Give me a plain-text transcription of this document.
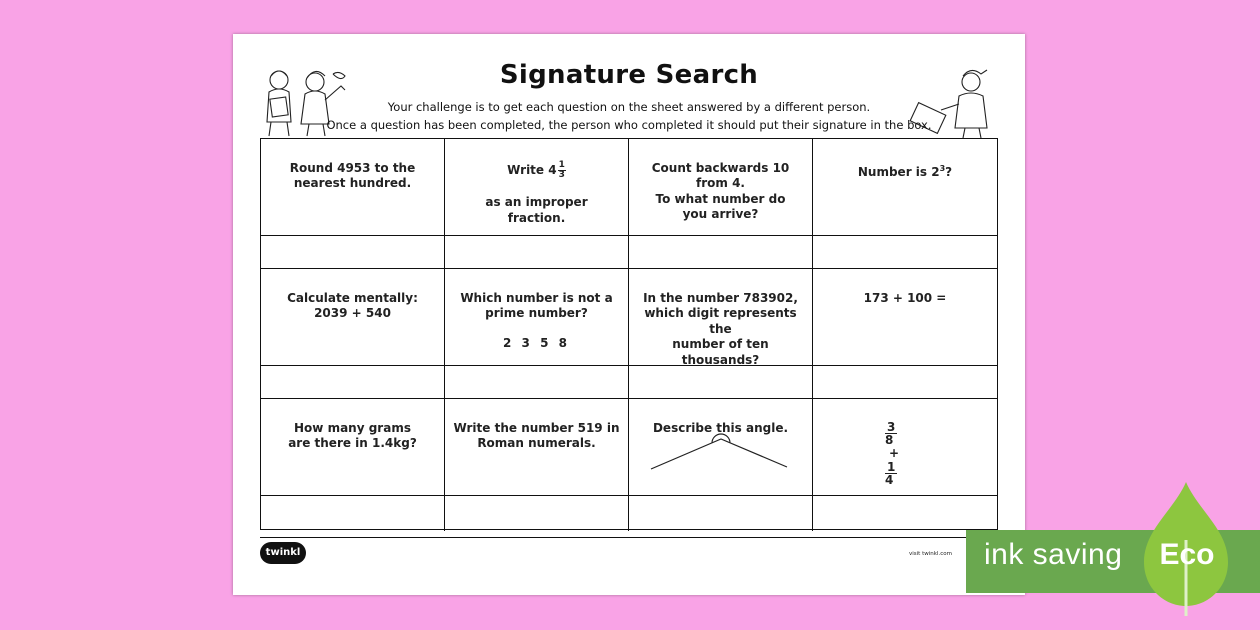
Signature Search
Your challenge is to get each question on the sheet answered by a different person.
Once a question has been completed, the person who completed it should put their signature in the box.

Round 4953 to the
nearest hundred.

Write $4 \frac{1}{3}$

as an improper
fraction.

Count backwards 10 from 4.
To what number do
you arrive?

Number is $2^3$?

Calculate mentally:
2039 + 540

Which number is not a
prime number?

2 3 5 8

In the number 783902,
which digit represents the
number of ten thousands?

173 + 100 =

How many grams
are there in 1.4kg?

Write the number 519 in
Roman numerals.

Describe this angle.	$\frac{3}{8}$

+

$\frac{1}{4}$

twinkl	visit twinkl.com ink saving Eco
